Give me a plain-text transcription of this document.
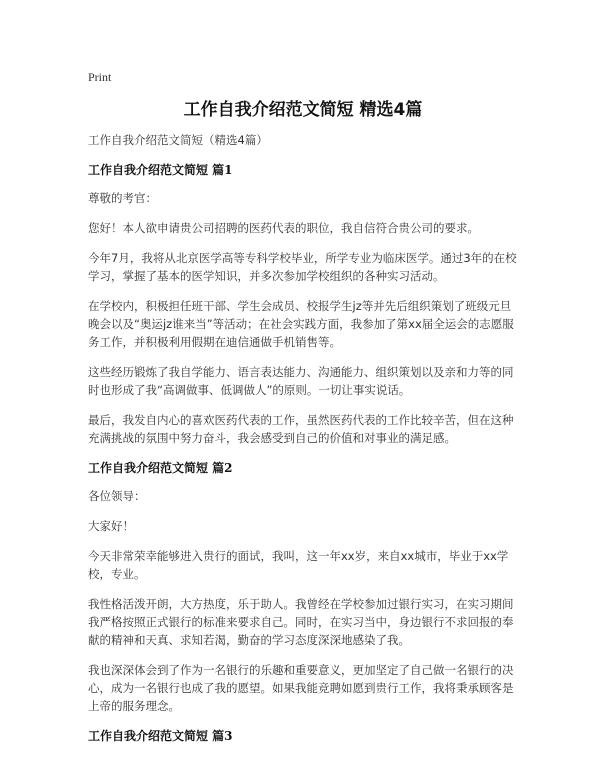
Print
工作自我介绍范文简短 精选4篇

工作自我介绍范文简短（精选4篇）

工作自我介绍范文简短 篇1

尊敬的考官：

您好！本人欲申请贵公司招聘的医药代表的职位，我自信符合贵公司的要求。

今年7月，我将从北京医学高等专科学校毕业，所学专业为临床医学。通过3年的在校学习，掌握了基本的医学知识，并多次参加学校组织的各种实习活动。

在学校内，积极担任班干部、学生会成员、校报学生jz等并先后组织策划了班级元旦晚会以及“奥运jz谁来当”等活动；在社会实践方面，我参加了第xx届全运会的志愿服务工作，并积极利用假期在迪信通做手机销售等。

这些经历锻炼了我自学能力、语言表达能力、沟通能力、组织策划以及亲和力等的同时也形成了我“高调做事、低调做人”的原则。一切让事实说话。

最后，我发自内心的喜欢医药代表的工作，虽然医药代表的工作比较辛苦，但在这种充满挑战的氛围中努力奋斗，我会感受到自己的价值和对事业的满足感。

工作自我介绍范文简短 篇2

各位领导：

大家好！

今天非常荣幸能够进入贵行的面试，我叫，这一年xx岁，来自xx城市，毕业于xx学校，专业。

我性格活泼开朗，大方热度，乐于助人。我曾经在学校参加过银行实习，在实习期间我严格按照正式银行的标准来要求自己。同时，在实习当中，身边银行不求回报的奉献的精神和天真、求知若渴，勤奋的学习态度深深地感染了我。

我也深深体会到了作为一名银行的乐趣和重要意义，更加坚定了自己做一名银行的决心，成为一名银行也成了我的愿望。如果我能竞聘如愿到贵行工作，我将秉承顾客是上帝的服务理念。

工作自我介绍范文简短 篇3
